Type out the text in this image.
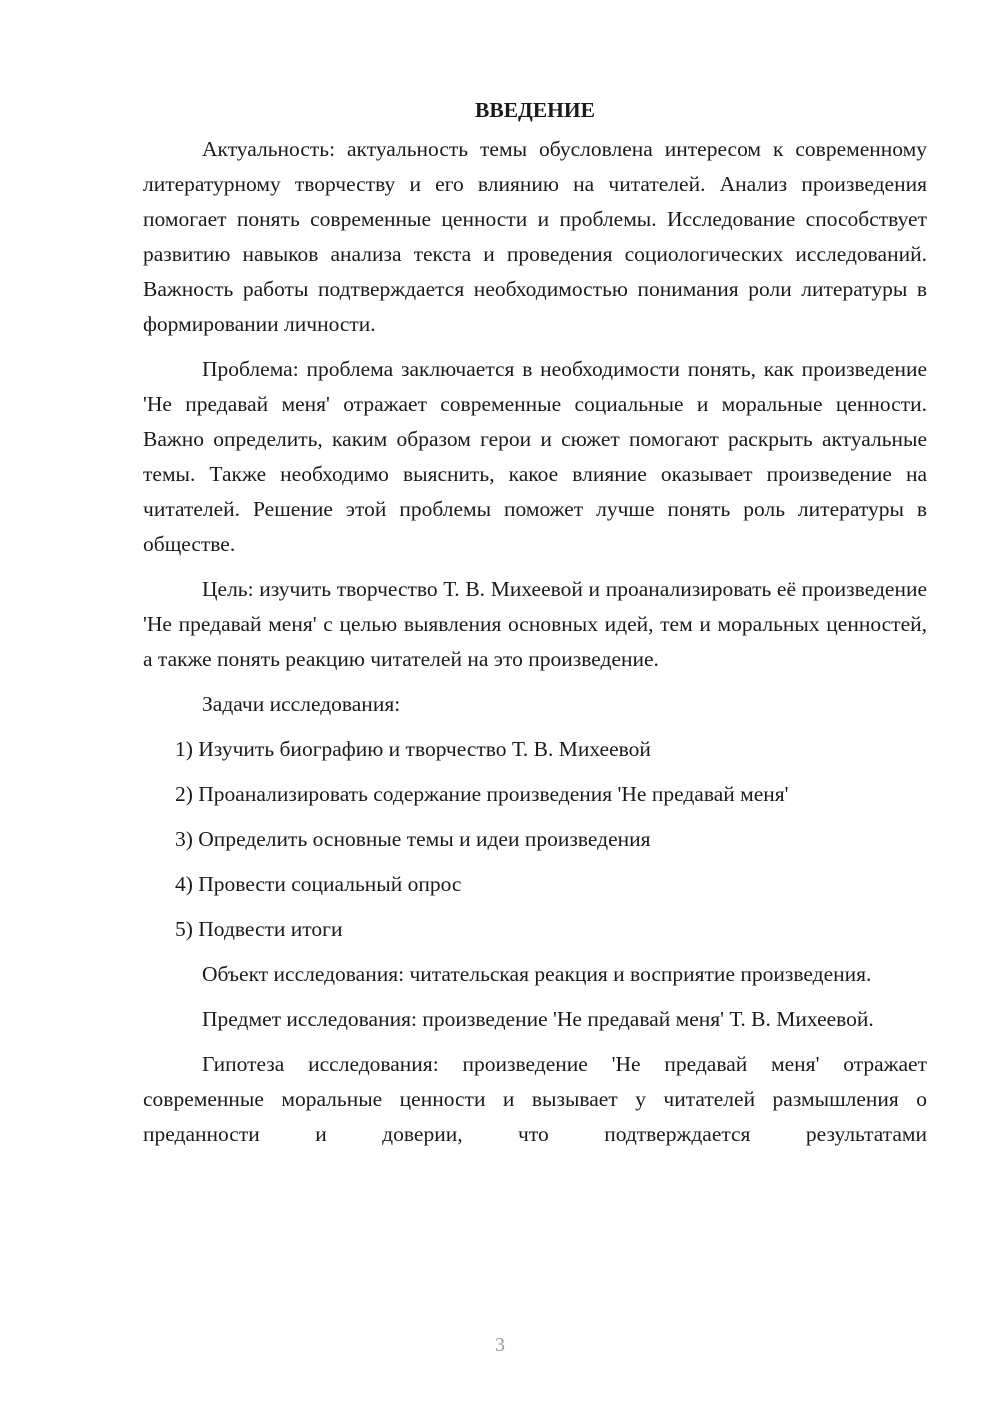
ВВЕДЕНИЕ

Актуальность: актуальность темы обусловлена интересом к современному литературному творчеству и его влиянию на читателей. Анализ произведения помогает понять современные ценности и проблемы. Исследование способствует развитию навыков анализа текста и проведения социологических исследований. Важность работы подтверждается необходимостью понимания роли литературы в формировании личности.

Проблема: проблема заключается в необходимости понять, как произведение 'Не предавай меня' отражает современные социальные и моральные ценности. Важно определить, каким образом герои и сюжет помогают раскрыть актуальные темы. Также необходимо выяснить, какое влияние оказывает произведение на читателей. Решение этой проблемы поможет лучше понять роль литературы в обществе.

Цель: изучить творчество Т. В. Михеевой и проанализировать её произведение 'Не предавай меня' с целью выявления основных идей, тем и моральных ценностей, а также понять реакцию читателей на это произведение.

Задачи исследования:

1) Изучить биографию и творчество Т. В. Михеевой

2) Проанализировать содержание произведения 'Не предавай меня'

3) Определить основные темы и идеи произведения

4) Провести социальный опрос

5) Подвести итоги

Объект исследования: читательская реакция и восприятие произведения.

Предмет исследования: произведение 'Не предавай меня' Т. В. Михеевой.

Гипотеза исследования: произведение 'Не предавай меня' отражает современные моральные ценности и вызывает у читателей размышления о преданности и доверии, что подтверждается результатами

3
